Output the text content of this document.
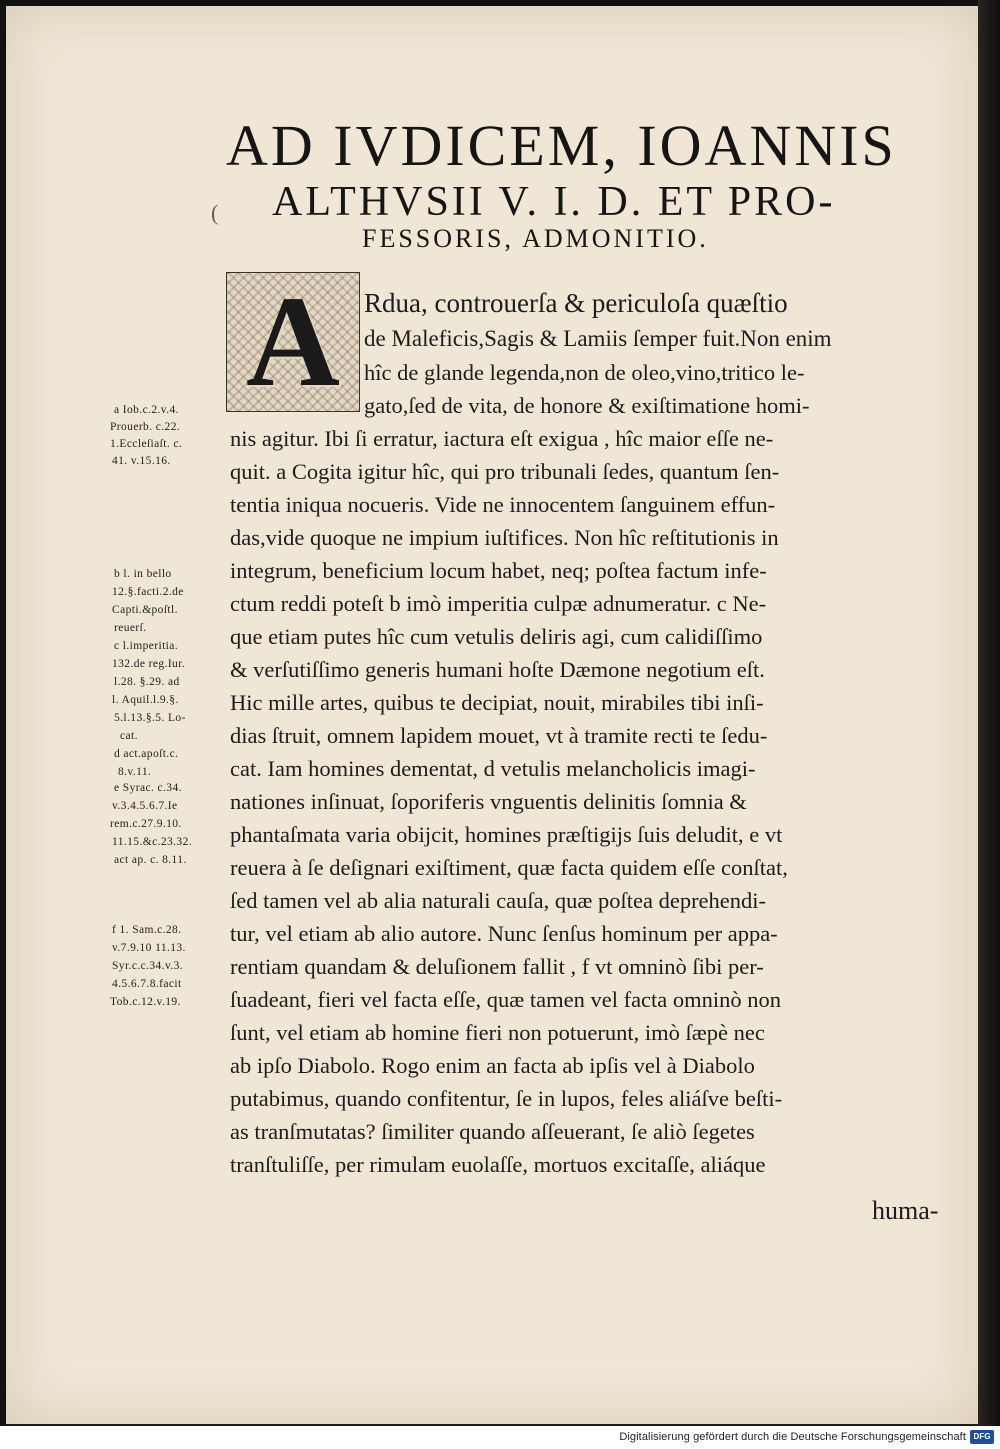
(
AD IVDICEM, IOANNIS
ALTHVSII V. I. D. ET PRO-
FESSORIS, ADMONITIO.
A Rdua, controuerſa & periculoſa quæſtio
de Maleficis,Sagis & Lamiis ſemper fuit.Non enim
hîc de glande legenda,non de oleo,vino,tritico le-
gato,ſed de vita, de honore & exiſtimatione homi-
nis agitur. Ibi ſi erratur, iactura eſt exigua , hîc maior eſſe ne-
quit. a Cogita igitur hîc, qui pro tribunali ſedes, quantum ſen-
tentia iniqua nocueris. Vide ne innocentem ſanguinem effun-
das,vide quoque ne impium iuſtifices. Non hîc reſtitutionis in
integrum, beneficium locum habet, neq; poſtea factum infe-
ctum reddi poteſt b imò imperitia culpæ adnumeratur. c Ne-
que etiam putes hîc cum vetulis deliris agi, cum calidiſſimo
& verſutiſſimo generis humani hoſte Dæmone negotium eſt.
Hic mille artes, quibus te decipiat, nouit, mirabiles tibi inſi-
dias ſtruit, omnem lapidem mouet, vt à tramite recti te ſedu-
cat. Iam homines dementat, d vetulis melancholicis imagi-
nationes inſinuat, ſoporiferis vnguentis delinitis ſomnia &
phantaſmata varia obijcit, homines præſtigijs ſuis deludit, e vt
reuera à ſe deſignari exiſtiment, quæ facta quidem eſſe conſtat,
ſed tamen vel ab alia naturali cauſa, quæ poſtea deprehendi-
tur, vel etiam ab alio autore. Nunc ſenſus hominum per appa-
rentiam quandam & deluſionem fallit , f vt omninò ſibi per-
ſuadeant, fieri vel facta eſſe, quæ tamen vel facta omninò non
ſunt, vel etiam ab homine fieri non potuerunt, imò ſæpè nec
ab ipſo Diabolo. Rogo enim an facta ab ipſis vel à Diabolo
putabimus, quando confitentur, ſe in lupos, feles aliáſve beſti-
as tranſmutatas? ſimiliter quando aſſeuerant, ſe aliò ſegetes
tranſtuliſſe, per rimulam euolaſſe, mortuos excitaſſe, aliáque
huma-
a Iob.c.2.v.4.
Prouerb. c.22.
1.Eccleſiaſt. c.
41. v.15.16.
b l. in bello
12.§.facti.2.de
Capti.&poſtl.
reuerſ.
c l.imperitia.
132.de reg.Iur.
l.28. §.29. ad
l. Aquil.l.9.§.
5.l.13.§.5. Lo-
cat.
d act.apoſt.c.
8.v.11.
e Syrac. c.34.
v.3.4.5.6.7.Ie
rem.c.27.9.10.
11.15.&c.23.32.
act ap. c. 8.11.
f 1. Sam.c.28.
v.7.9.10 11.13.
Syr.c.c.34.v.3.
4.5.6.7.8.facit
Tob.c.12.v.19.
Digitalisierung gefördert durch die Deutsche Forschungsgemeinschaft DFG
